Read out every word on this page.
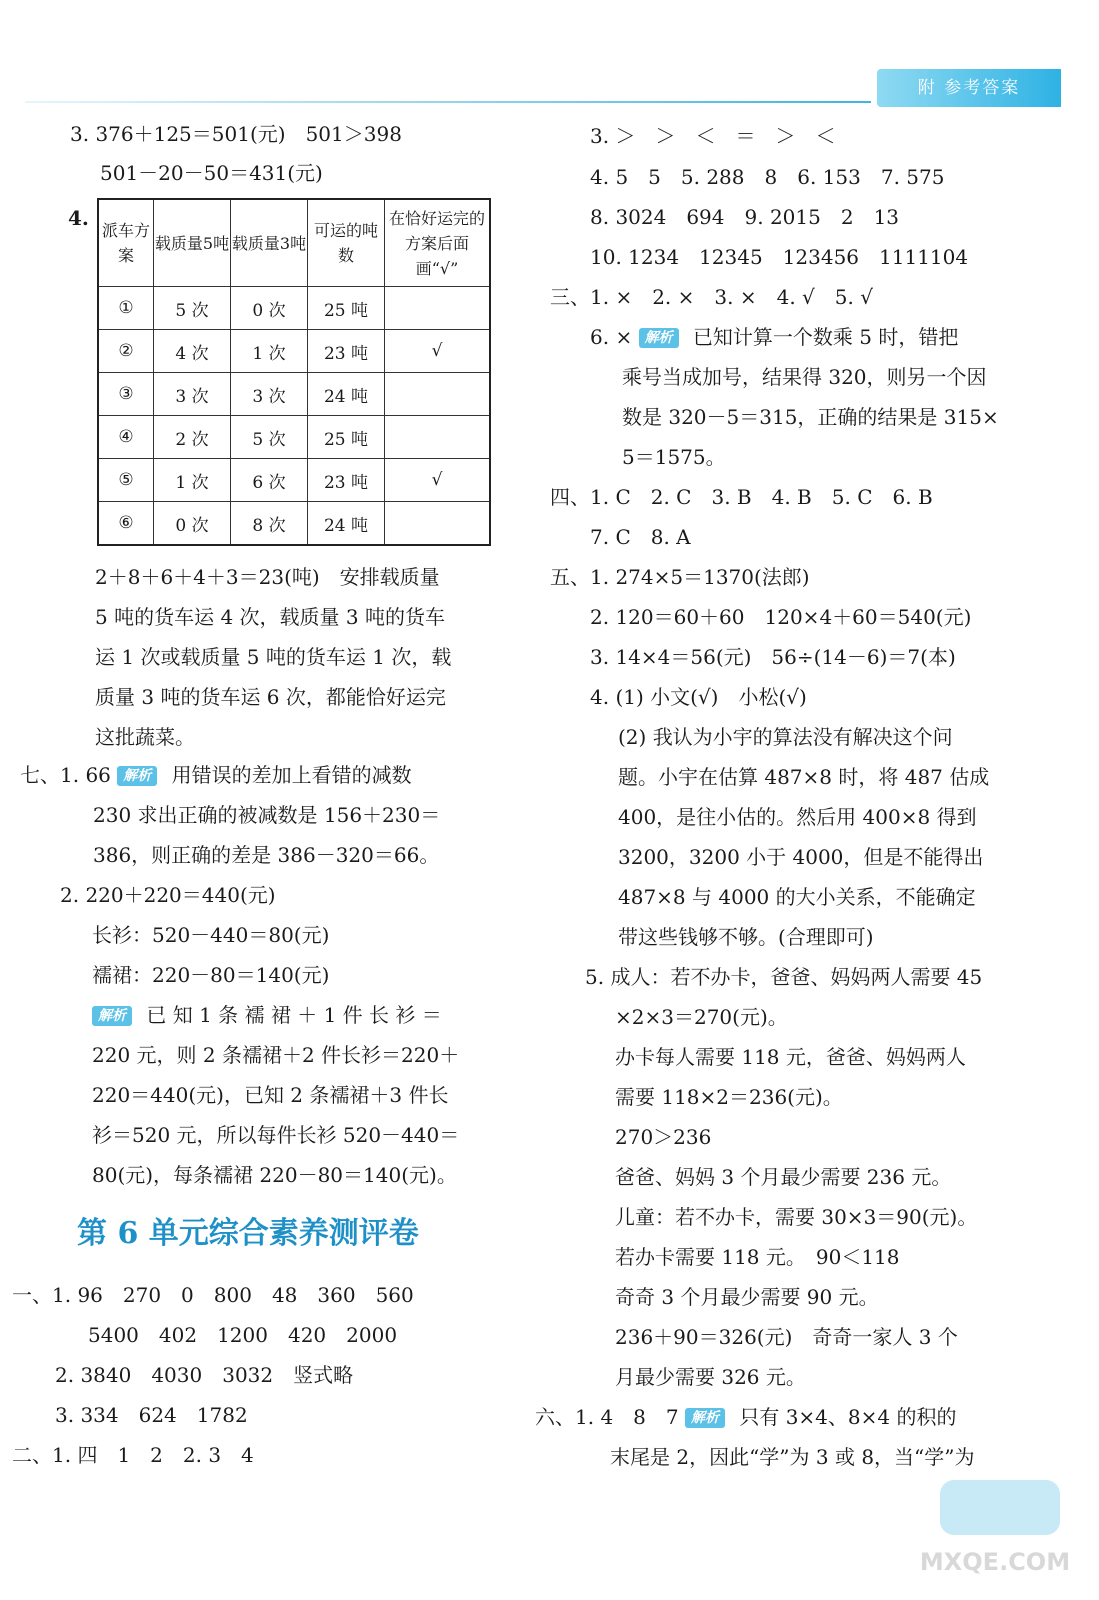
附 参考答案
3. 376＋125＝501(元)　501＞398
501－20－50＝431(元)
4.
派车方案	载质量5吨	载质量3吨	可运的吨数	在恰好运完的方案后面画“√”
①	5 次	0 次	25 吨	
②	4 次	1 次	23 吨	√
③	3 次	3 次	24 吨	
④	2 次	5 次	25 吨	
⑤	1 次	6 次	23 吨	√
⑥	0 次	8 次	24 吨	
2＋8＋6＋4＋3＝23(吨)　安排载质量
5 吨的货车运 4 次，载质量 3 吨的货车
运 1 次或载质量 5 吨的货车运 1 次，载
质量 3 吨的货车运 6 次，都能恰好运完
这批蔬菜。
七、1. 66 解析 用错误的差加上看错的减数
230 求出正确的被减数是 156＋230＝
386，则正确的差是 386－320＝66。
2. 220＋220＝440(元)
长衫：520－440＝80(元)
襦裙：220－80＝140(元)
解析 已 知 1 条 襦 裙 ＋ 1 件 长 衫 ＝
220 元，则 2 条襦裙＋2 件长衫＝220＋
220＝440(元)，已知 2 条襦裙＋3 件长
衫＝520 元，所以每件长衫 520－440＝
80(元)，每条襦裙 220－80＝140(元)。
第 6 单元综合素养测评卷
一、1. 96　270　0　800　48　360　560
5400　402　1200　420　2000
2. 3840　4030　3032　竖式略
3. 334　624　1782
二、1. 四　1　2　2. 3　4
3. ＞　＞　＜　＝　＞　＜
4. 5　5　5. 288　8　6. 153　7. 575
8. 3024　694　9. 2015　2　13
10. 1234　12345　123456　1111104
三、1. ×　2. ×　3. ×　4. √　5. √
6. × 解析 已知计算一个数乘 5 时，错把
乘号当成加号，结果得 320，则另一个因
数是 320－5＝315，正确的结果是 315×
5＝1575。
四、1. C　2. C　3. B　4. B　5. C　6. B
7. C　8. A
五、1. 274×5＝1370(法郎)
2. 120＝60＋60　120×4＋60＝540(元)
3. 14×4＝56(元)　56÷(14－6)＝7(本)
4. (1) 小文(√)　小松(√)
(2) 我认为小宇的算法没有解决这个问
题。小宇在估算 487×8 时，将 487 估成
400，是往小估的。然后用 400×8 得到
3200，3200 小于 4000，但是不能得出
487×8 与 4000 的大小关系，不能确定
带这些钱够不够。(合理即可)
5. 成人：若不办卡，爸爸、妈妈两人需要 45
×2×3＝270(元)。
办卡每人需要 118 元，爸爸、妈妈两人
需要 118×2＝236(元)。
270＞236
爸爸、妈妈 3 个月最少需要 236 元。
儿童：若不办卡，需要 30×3＝90(元)。
若办卡需要 118 元。　90＜118
奇奇 3 个月最少需要 90 元。
236＋90＝326(元)　奇奇一家人 3 个
月最少需要 326 元。
六、1. 4　8　7 解析 只有 3×4、8×4 的积的
末尾是 2，因此“学”为 3 或 8，当“学”为
MXQE.COM
